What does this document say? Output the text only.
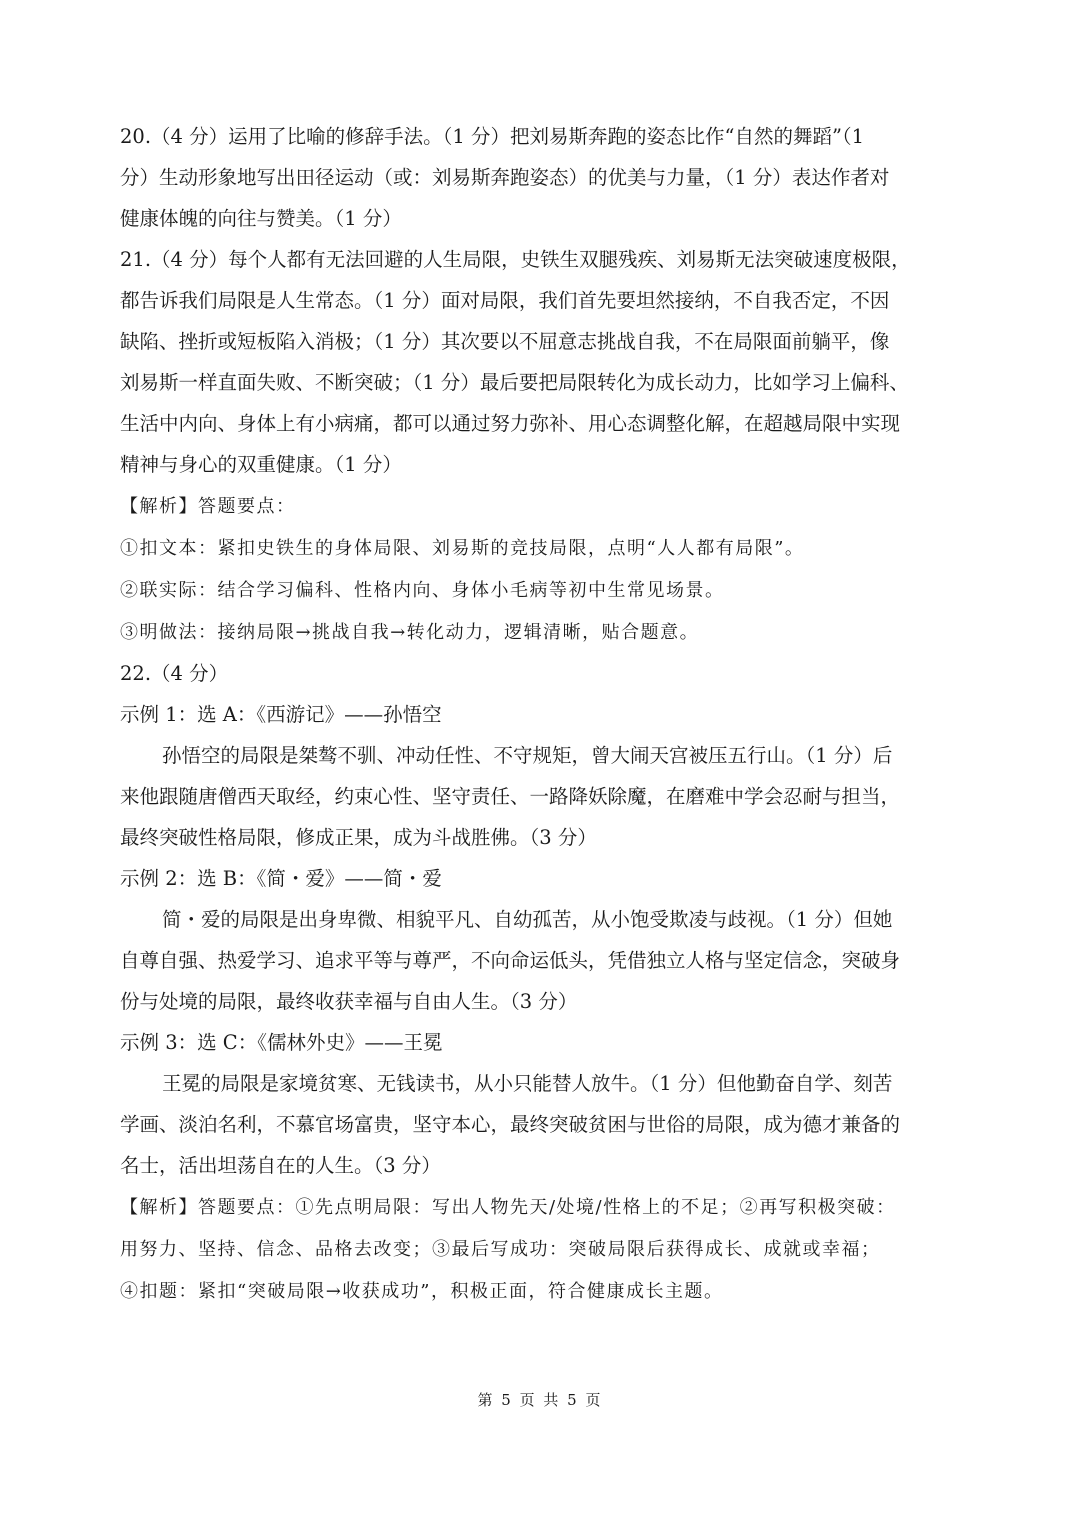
20.（4 分）运用了比喻的修辞手法。（1 分）把刘易斯奔跑的姿态比作“自然的舞蹈”（1
分）生动形象地写出田径运动（或：刘易斯奔跑姿态）的优美与力量，（1 分）表达作者对
健康体魄的向往与赞美。（1 分）
21.（4 分）每个人都有无法回避的人生局限，史铁生双腿残疾、刘易斯无法突破速度极限，
都告诉我们局限是人生常态。（1 分）面对局限，我们首先要坦然接纳，不自我否定，不因
缺陷、挫折或短板陷入消极；（1 分）其次要以不屈意志挑战自我，不在局限面前躺平，像
刘易斯一样直面失败、不断突破；（1 分）最后要把局限转化为成长动力，比如学习上偏科、
生活中内向、身体上有小病痛，都可以通过努力弥补、用心态调整化解，在超越局限中实现
精神与身心的双重健康。（1 分）
【解析】答题要点：
①扣文本：紧扣史铁生的身体局限、刘易斯的竞技局限，点明“人人都有局限”。
②联实际：结合学习偏科、性格内向、身体小毛病等初中生常见场景。
③明做法：接纳局限→挑战自我→转化动力，逻辑清晰，贴合题意。
22.（4 分）
示例 1：选 A：《西游记》——孙悟空
孙悟空的局限是桀骜不驯、冲动任性、不守规矩，曾大闹天宫被压五行山。（1 分）后
来他跟随唐僧西天取经，约束心性、坚守责任、一路降妖除魔，在磨难中学会忍耐与担当，
最终突破性格局限，修成正果，成为斗战胜佛。（3 分）
示例 2：选 B：《简・爱》——简・爱
简・爱的局限是出身卑微、相貌平凡、自幼孤苦，从小饱受欺凌与歧视。（1 分）但她
自尊自强、热爱学习、追求平等与尊严，不向命运低头，凭借独立人格与坚定信念，突破身
份与处境的局限，最终收获幸福与自由人生。（3 分）
示例 3：选 C：《儒林外史》——王冕
王冕的局限是家境贫寒、无钱读书，从小只能替人放牛。（1 分）但他勤奋自学、刻苦
学画、淡泊名利，不慕官场富贵，坚守本心，最终突破贫困与世俗的局限，成为德才兼备的
名士，活出坦荡自在的人生。（3 分）
【解析】答题要点：①先点明局限：写出人物先天/处境/性格上的不足；②再写积极突破：
用努力、坚持、信念、品格去改变；③最后写成功：突破局限后获得成长、成就或幸福；
④扣题：紧扣“突破局限→收获成功”，积极正面，符合健康成长主题。
第 5 页 共 5 页
